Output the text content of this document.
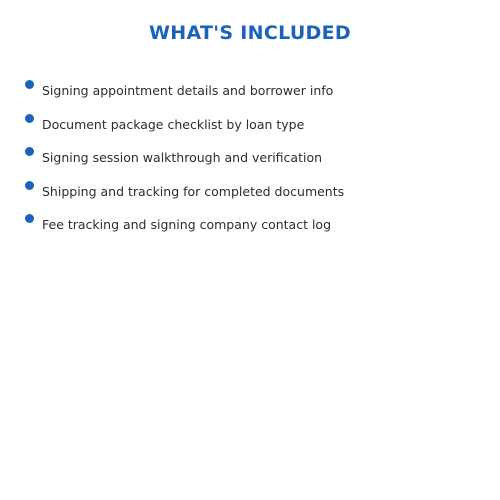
WHAT'S INCLUDED
Signing appointment details and borrower info
Document package checklist by loan type
Signing session walkthrough and verification
Shipping and tracking for completed documents
Fee tracking and signing company contact log
